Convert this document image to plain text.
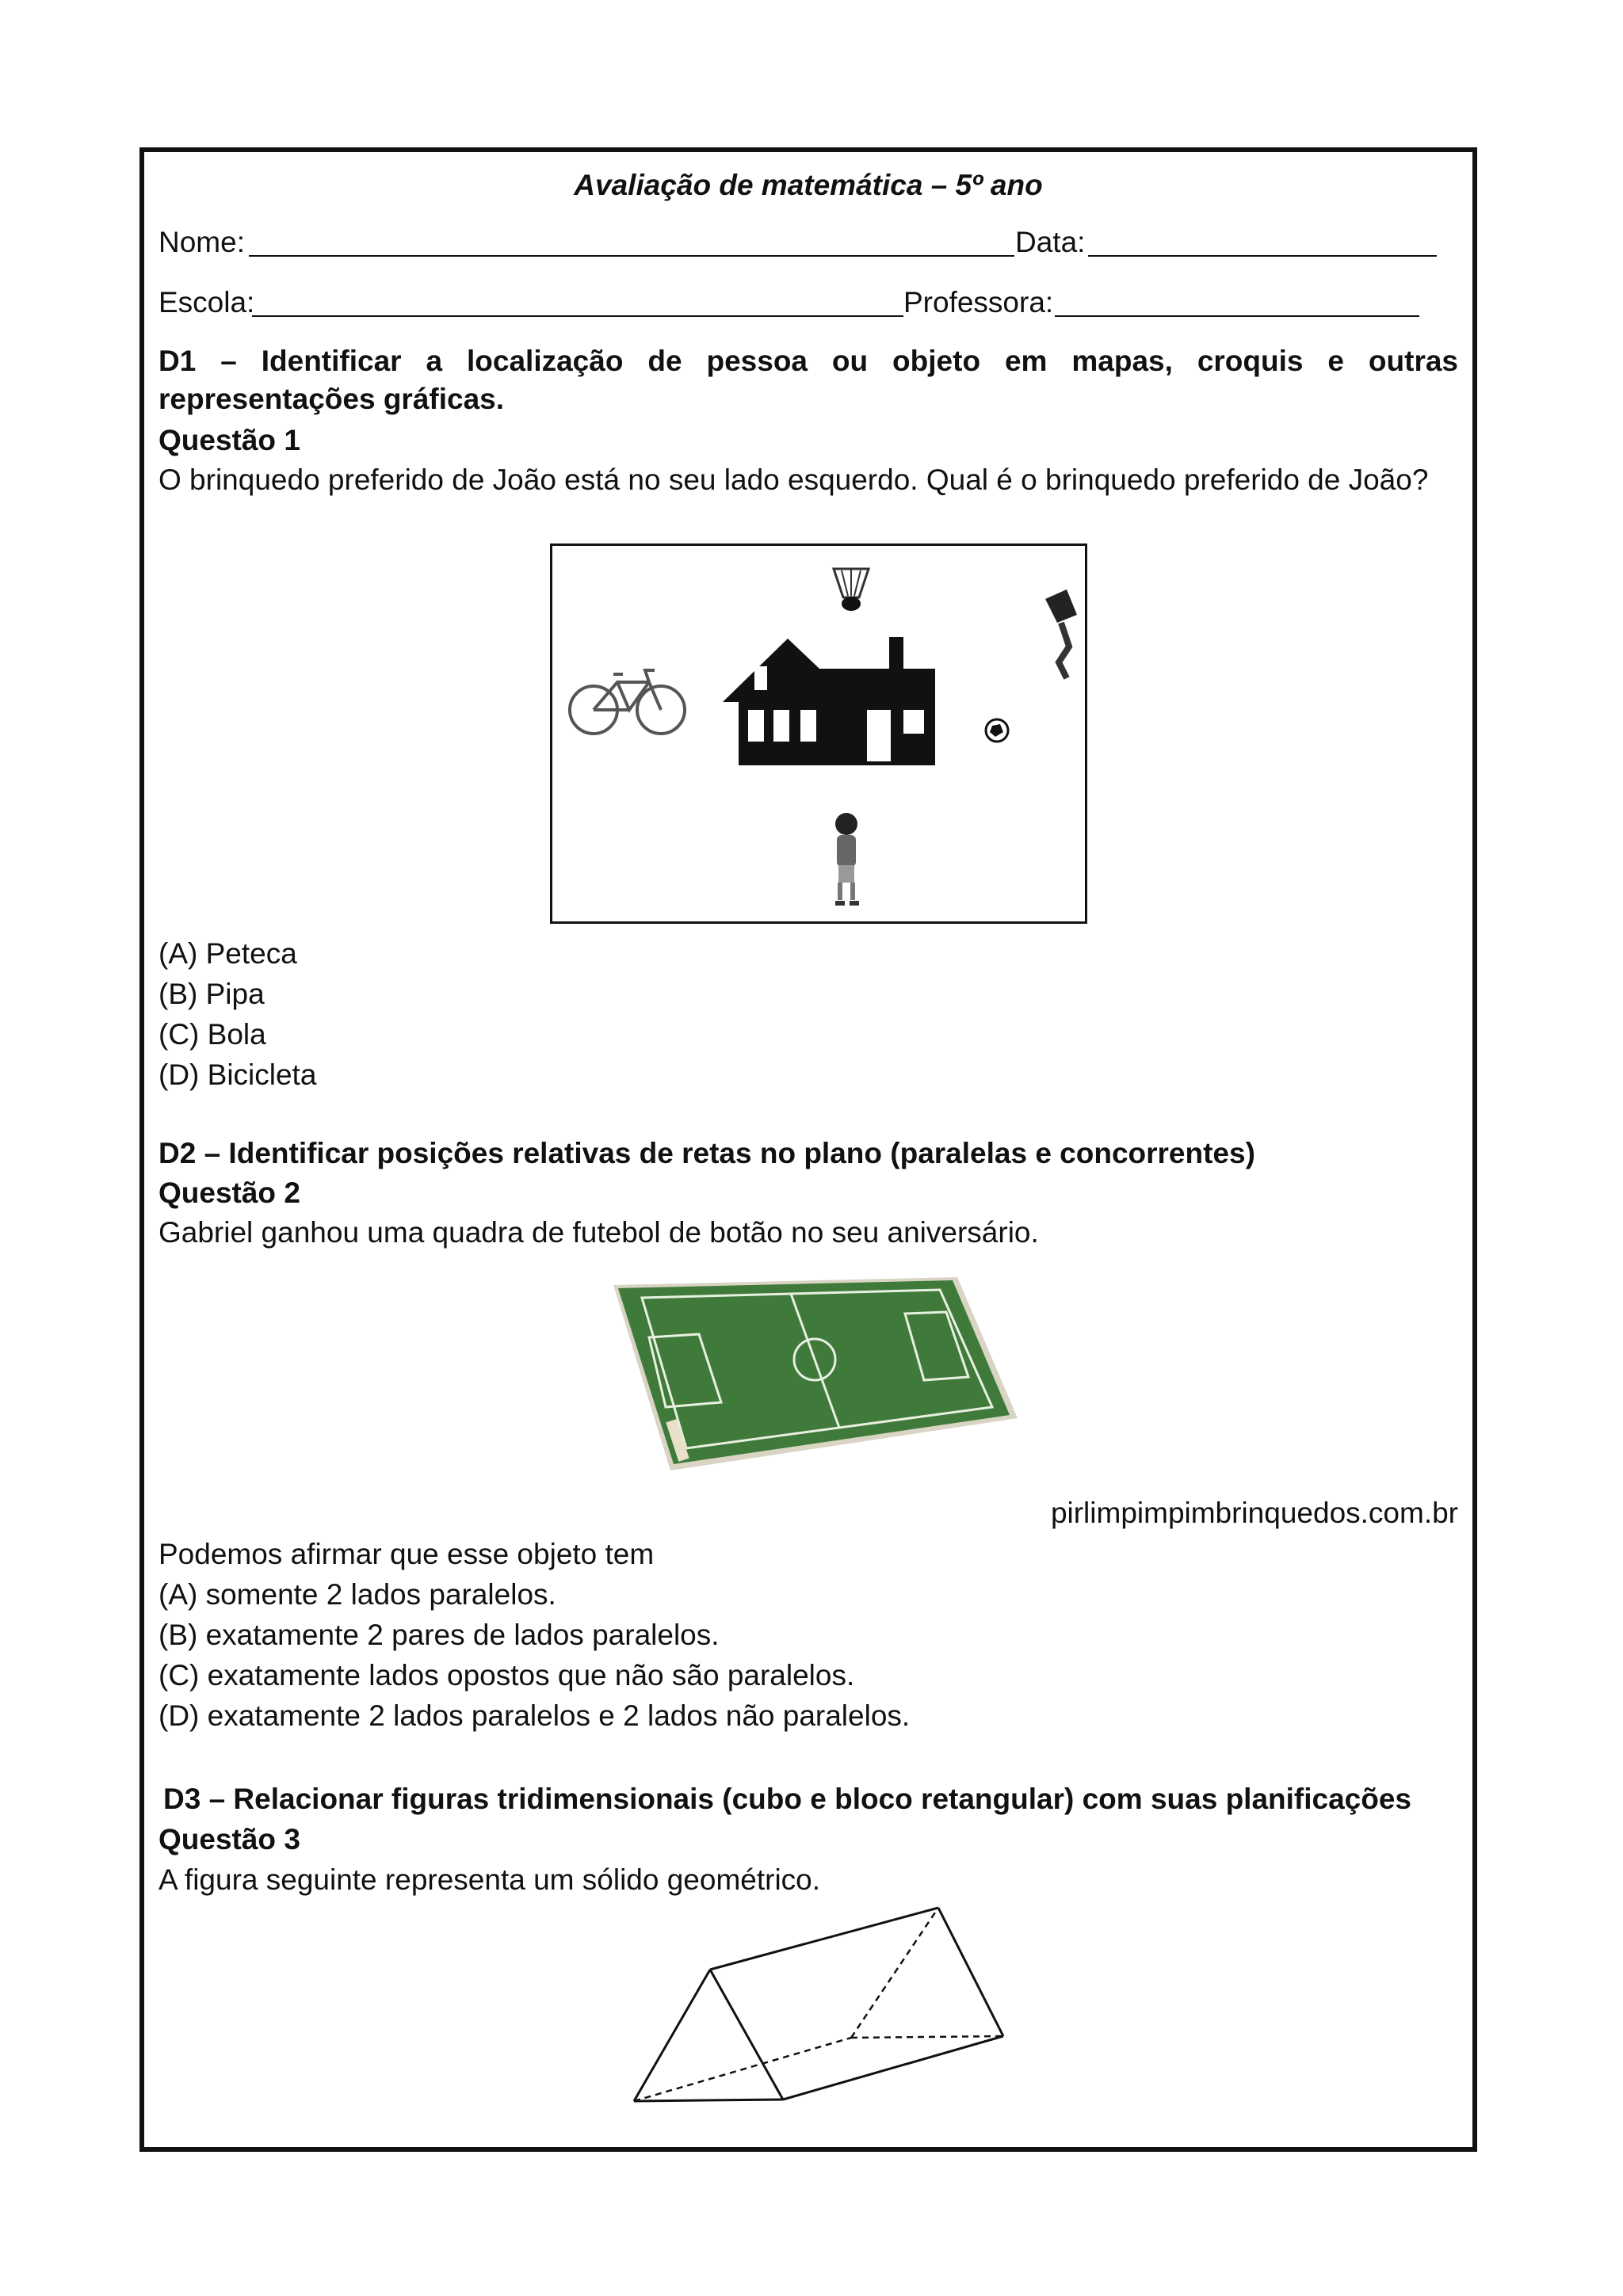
Avaliação de matemática – 5º ano
Nome:	Data:
Escola:	Professora:
D1 – Identificar a localização de pessoa ou objeto em mapas, croquis e outras representações gráficas.
Questão 1
O brinquedo preferido de João está no seu lado esquerdo. Qual é o brinquedo preferido de João?
(A) Peteca
(B) Pipa
(C) Bola
(D) Bicicleta
D2 – Identificar posições relativas de retas no plano (paralelas e concorrentes)
Questão 2
Gabriel ganhou uma quadra de futebol de botão no seu aniversário.
pirlimpimpimbrinquedos.com.br
Podemos afirmar que esse objeto tem
(A) somente 2 lados paralelos.
(B) exatamente 2 pares de lados paralelos.
(C) exatamente lados opostos que não são paralelos.
(D) exatamente 2 lados paralelos e 2 lados não paralelos.
D3 – Relacionar figuras tridimensionais (cubo e bloco retangular) com suas planificações
Questão 3
A figura seguinte representa um sólido geométrico.
